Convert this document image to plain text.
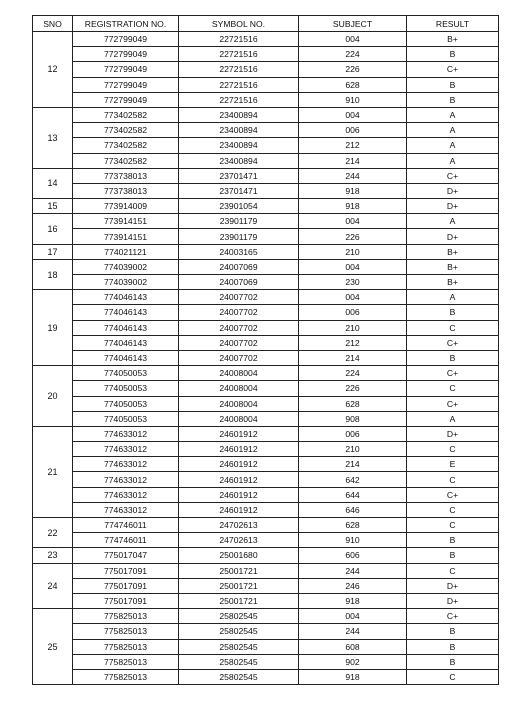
SNO	REGISTRATION NO.	SYMBOL NO.	SUBJECT	RESULT
12	772799049	22721516	004	B+
	772799049	22721516	224	B
	772799049	22721516	226	C+
	772799049	22721516	628	B
	772799049	22721516	910	B
13	773402582	23400894	004	A
	773402582	23400894	006	A
	773402582	23400894	212	A
	773402582	23400894	214	A
14	773738013	23701471	244	C+
	773738013	23701471	918	D+
15	773914009	23901054	918	D+
16	773914151	23901179	004	A
	773914151	23901179	226	D+
17	774021121	24003165	210	B+
18	774039002	24007069	004	B+
	774039002	24007069	230	B+
19	774046143	24007702	004	A
	774046143	24007702	006	B
	774046143	24007702	210	C
	774046143	24007702	212	C+
	774046143	24007702	214	B
20	774050053	24008004	224	C+
	774050053	24008004	226	C
	774050053	24008004	628	C+
	774050053	24008004	908	A
21	774633012	24601912	006	D+
	774633012	24601912	210	C
	774633012	24601912	214	E
	774633012	24601912	642	C
	774633012	24601912	644	C+
	774633012	24601912	646	C
22	774746011	24702613	628	C
	774746011	24702613	910	B
23	775017047	25001680	606	B
24	775017091	25001721	244	C
	775017091	25001721	246	D+
	775017091	25001721	918	D+
25	775825013	25802545	004	C+
	775825013	25802545	244	B
	775825013	25802545	608	B
	775825013	25802545	902	B
	775825013	25802545	918	C
